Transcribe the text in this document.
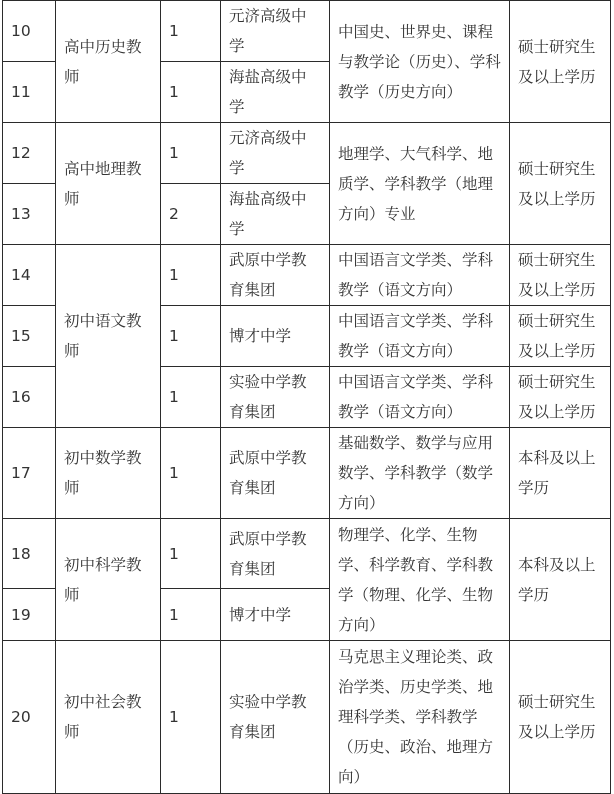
10	高中历史教师	1	元济高级中学	中国史、世界史、课程与教学论（历史）、学科教学（历史方向）	硕士研究生及以上学历
11		1	海盐高级中学		
12	高中地理教师	1	元济高级中学	地理学、大气科学、地质学、学科教学（地理方向）专业	硕士研究生及以上学历
13		2	海盐高级中学		
14	初中语文教师	1	武原中学教育集团	中国语言文学类、学科教学（语文方向）	硕士研究生及以上学历
15		1	博才中学	中国语言文学类、学科教学（语文方向）	硕士研究生及以上学历
16		1	实验中学教育集团	中国语言文学类、学科教学（语文方向）	硕士研究生及以上学历
17	初中数学教师	1	武原中学教育集团	基础数学、数学与应用数学、学科教学（数学方向）	本科及以上学历
18	初中科学教师	1	武原中学教育集团	物理学、化学、生物学、科学教育、学科教学（物理、化学、生物方向）	本科及以上学历
19		1	博才中学		
20	初中社会教师	1	实验中学教育集团	马克思主义理论类、政治学类、历史学类、地理科学类、学科教学（历史、政治、地理方向）	硕士研究生及以上学历
